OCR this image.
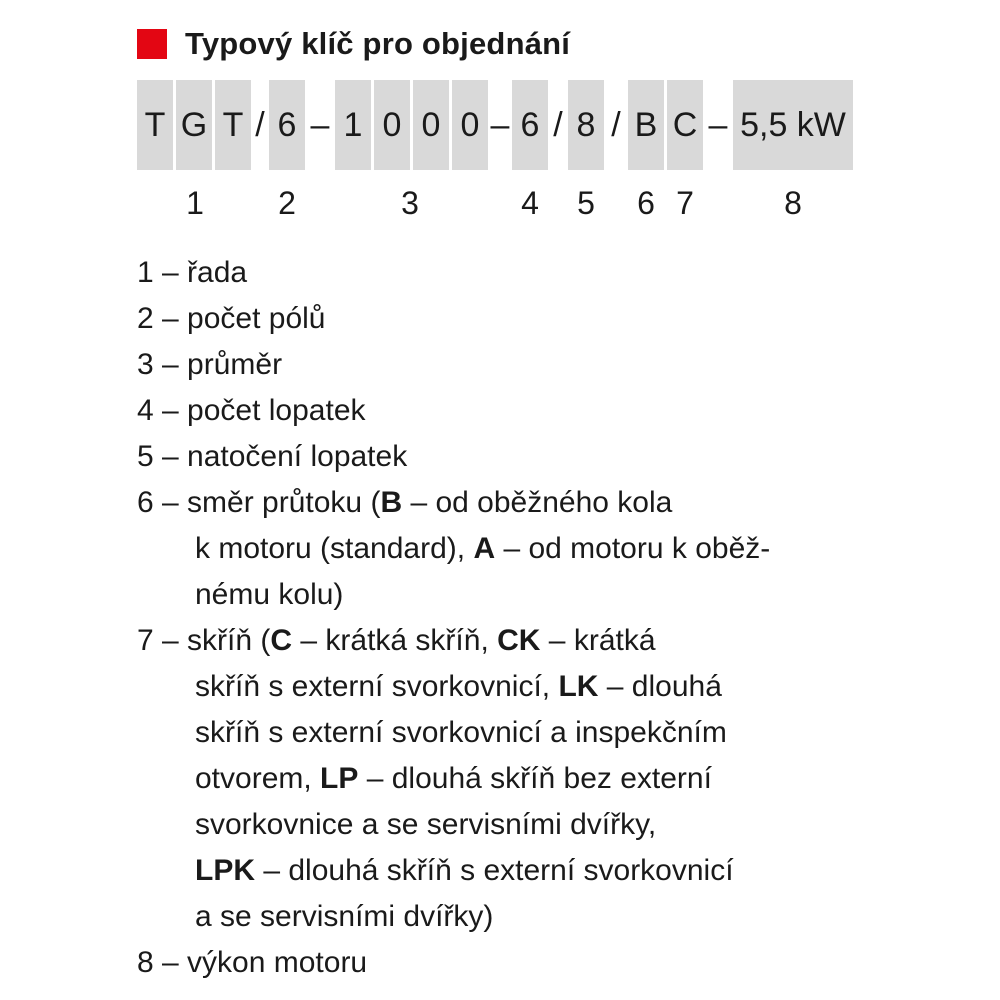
Typový klíč pro objednání
T G T / 6 – 1 0 0 0 – 6 / 8 / B C – 5,5 kW
1	2	3	4	5	6 7	8
1 – řada
2 – počet pólů
3 – průměr
4 – počet lopatek
5 – natočení lopatek
6 – směr průtoku (B – od oběžného kola
k motoru (standard), A – od motoru k oběž-
nému kolu)
7 – skříň (C – krátká skříň, CK – krátká
skříň s externí svorkovnicí, LK – dlouhá
skříň s externí svorkovnicí a inspekčním
otvorem, LP – dlouhá skříň bez externí
svorkovnice a se servisními dvířky,
LPK – dlouhá skříň s externí svorkovnicí
a se servisními dvířky)
8 – výkon motoru
